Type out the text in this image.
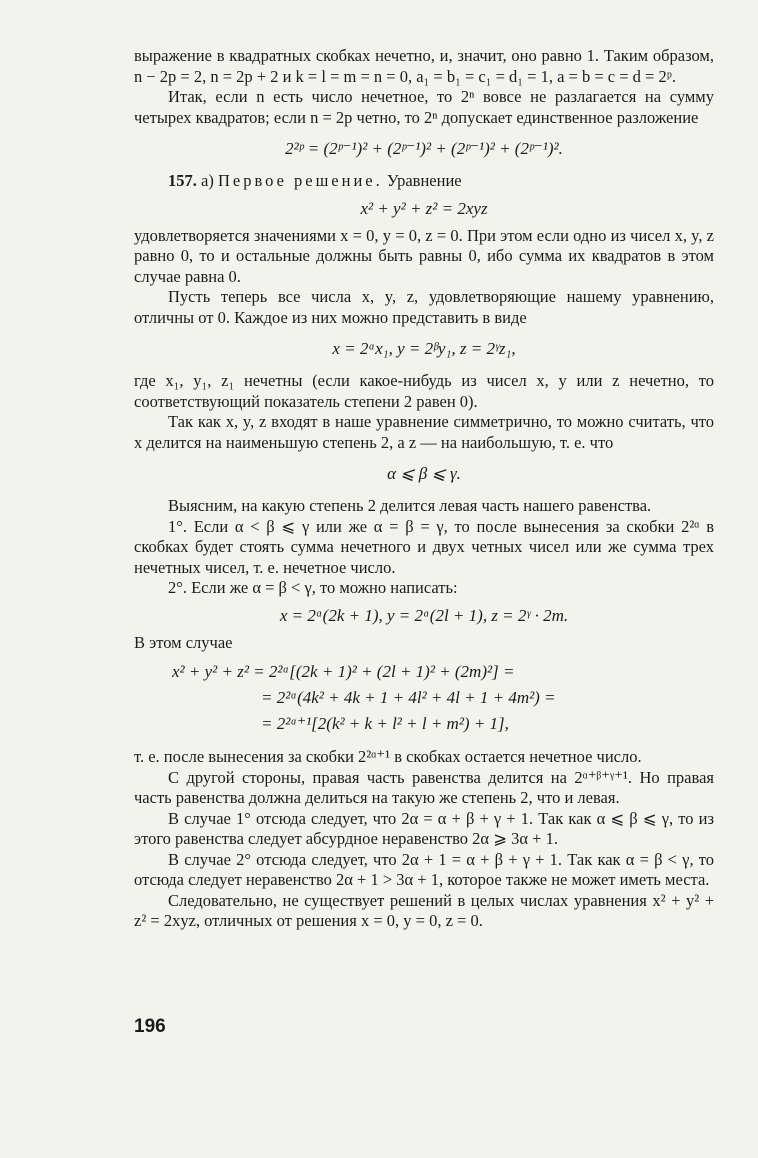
выражение в квадратных скобках нечетно, и, значит, оно равно 1. Таким образом, n − 2p = 2, n = 2p + 2 и k = l = m = n = 0, a₁ = b₁ = c₁ = d₁ = 1, a = b = c = d = 2ᵖ.

Итак, если n есть число нечетное, то 2ⁿ вовсе не разлагается на сумму четырех квадратов; если n = 2p четно, то 2ⁿ допускает единственное разложение

2²ᵖ = (2ᵖ⁻¹)² + (2ᵖ⁻¹)² + (2ᵖ⁻¹)² + (2ᵖ⁻¹)².

157. а) Первое решение. Уравнение

x² + y² + z² = 2xyz

удовлетворяется значениями x = 0, y = 0, z = 0. При этом если одно из чисел x, y, z равно 0, то и остальные должны быть равны 0, ибо сумма их квадратов в этом случае равна 0.

Пусть теперь все числа x, y, z, удовлетворяющие нашему уравнению, отличны от 0. Каждое из них можно представить в виде

x = 2ᵅx₁, y = 2ᵝy₁, z = 2ᵞz₁,

где x₁, y₁, z₁ нечетны (если какое-нибудь из чисел x, y или z нечетно, то соответствующий показатель степени 2 равен 0).

Так как x, y, z входят в наше уравнение симметрично, то можно считать, что x делится на наименьшую степень 2, а z — на наибольшую, т. е. что

α ⩽ β ⩽ γ.

Выясним, на какую степень 2 делится левая часть нашего равенства.

1°. Если α < β ⩽ γ или же α = β = γ, то после вынесения за скобки 2²ᵅ в скобках будет стоять сумма нечетного и двух четных чисел или же сумма трех нечетных чисел, т. е. нечетное число.

2°. Если же α = β < γ, то можно написать:

x = 2ᵅ(2k + 1), y = 2ᵅ(2l + 1), z = 2ᵞ · 2m.

В этом случае

x² + y² + z² = 2²ᵅ[(2k + 1)² + (2l + 1)² + (2m)²] =
= 2²ᵅ(4k² + 4k + 1 + 4l² + 4l + 1 + 4m²) =
= 2²ᵅ⁺¹[2(k² + k + l² + l + m²) + 1],

т. е. после вынесения за скобки 2²ᵅ⁺¹ в скобках остается нечетное число.

С другой стороны, правая часть равенства делится на 2ᵅ⁺ᵝ⁺ᵞ⁺¹. Но правая часть равенства должна делиться на такую же степень 2, что и левая.

В случае 1° отсюда следует, что 2α = α + β + γ + 1. Так как α ⩽ β ⩽ γ, то из этого равенства следует абсурдное неравенство 2α ⩾ 3α + 1.

В случае 2° отсюда следует, что 2α + 1 = α + β + γ + 1. Так как α = β < γ, то отсюда следует неравенство 2α + 1 > 3α + 1, которое также не может иметь места.

Следовательно, не существует решений в целых числах уравнения x² + y² + z² = 2xyz, отличных от решения x = 0, y = 0, z = 0.

196
